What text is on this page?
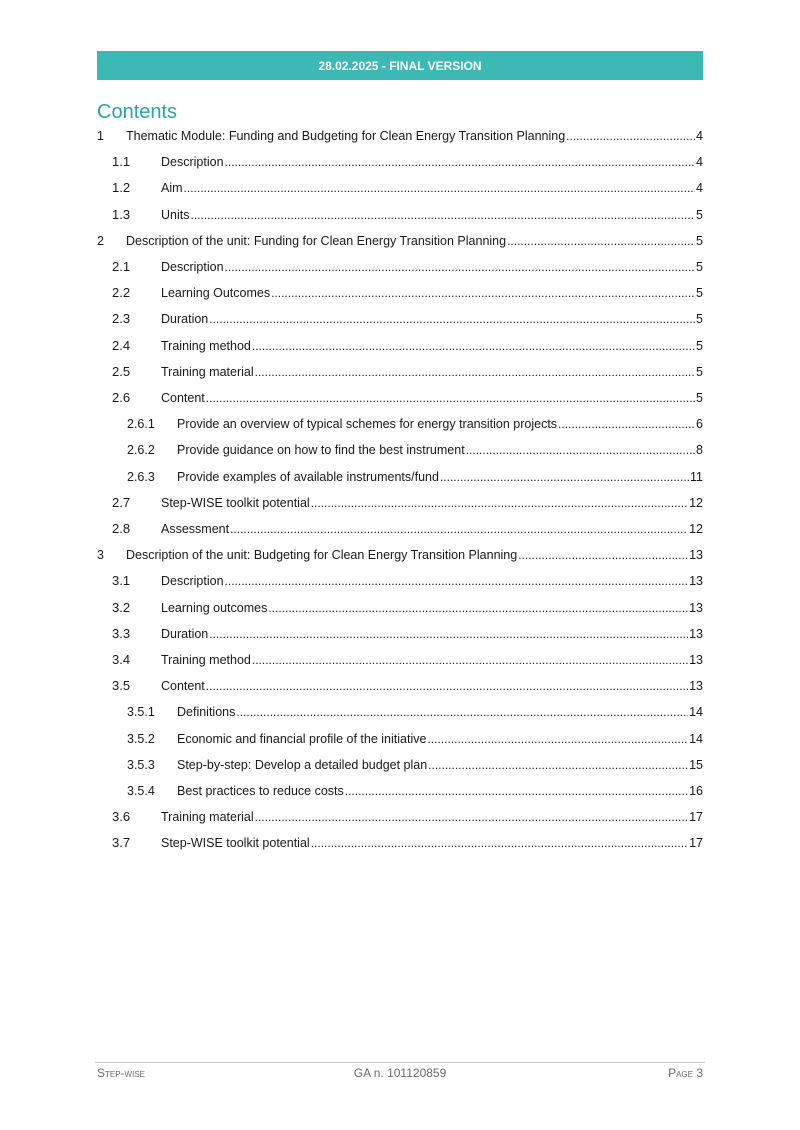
28.02.2025 - FINAL VERSION
Contents
1	Thematic Module: Funding and Budgeting for Clean Energy Transition Planning .....	4
1.1	Description .....	4
1.2	Aim .....	4
1.3	Units .....	5
2	Description of the unit: Funding for Clean Energy Transition Planning .....	5
2.1	Description .....	5
2.2	Learning Outcomes .....	5
2.3	Duration .....	5
2.4	Training method .....	5
2.5	Training material .....	5
2.6	Content .....	5
2.6.1	Provide an overview of typical schemes for energy transition projects .....	6
2.6.2	Provide guidance on how to find the best instrument .....	8
2.6.3	Provide examples of available instruments/fund .....	11
2.7	Step-WISE toolkit potential .....	12
2.8	Assessment .....	12
3	Description of the unit: Budgeting for Clean Energy Transition Planning .....	13
3.1	Description .....	13
3.2	Learning outcomes .....	13
3.3	Duration .....	13
3.4	Training method .....	13
3.5	Content .....	13
3.5.1	Definitions .....	14
3.5.2	Economic and financial profile of the initiative .....	14
3.5.3	Step-by-step: Develop a detailed budget plan .....	15
3.5.4	Best practices to reduce costs .....	16
3.6	Training material .....	17
3.7	Step-WISE toolkit potential .....	17
Step-wise	GA n. 101120859	Page 3
